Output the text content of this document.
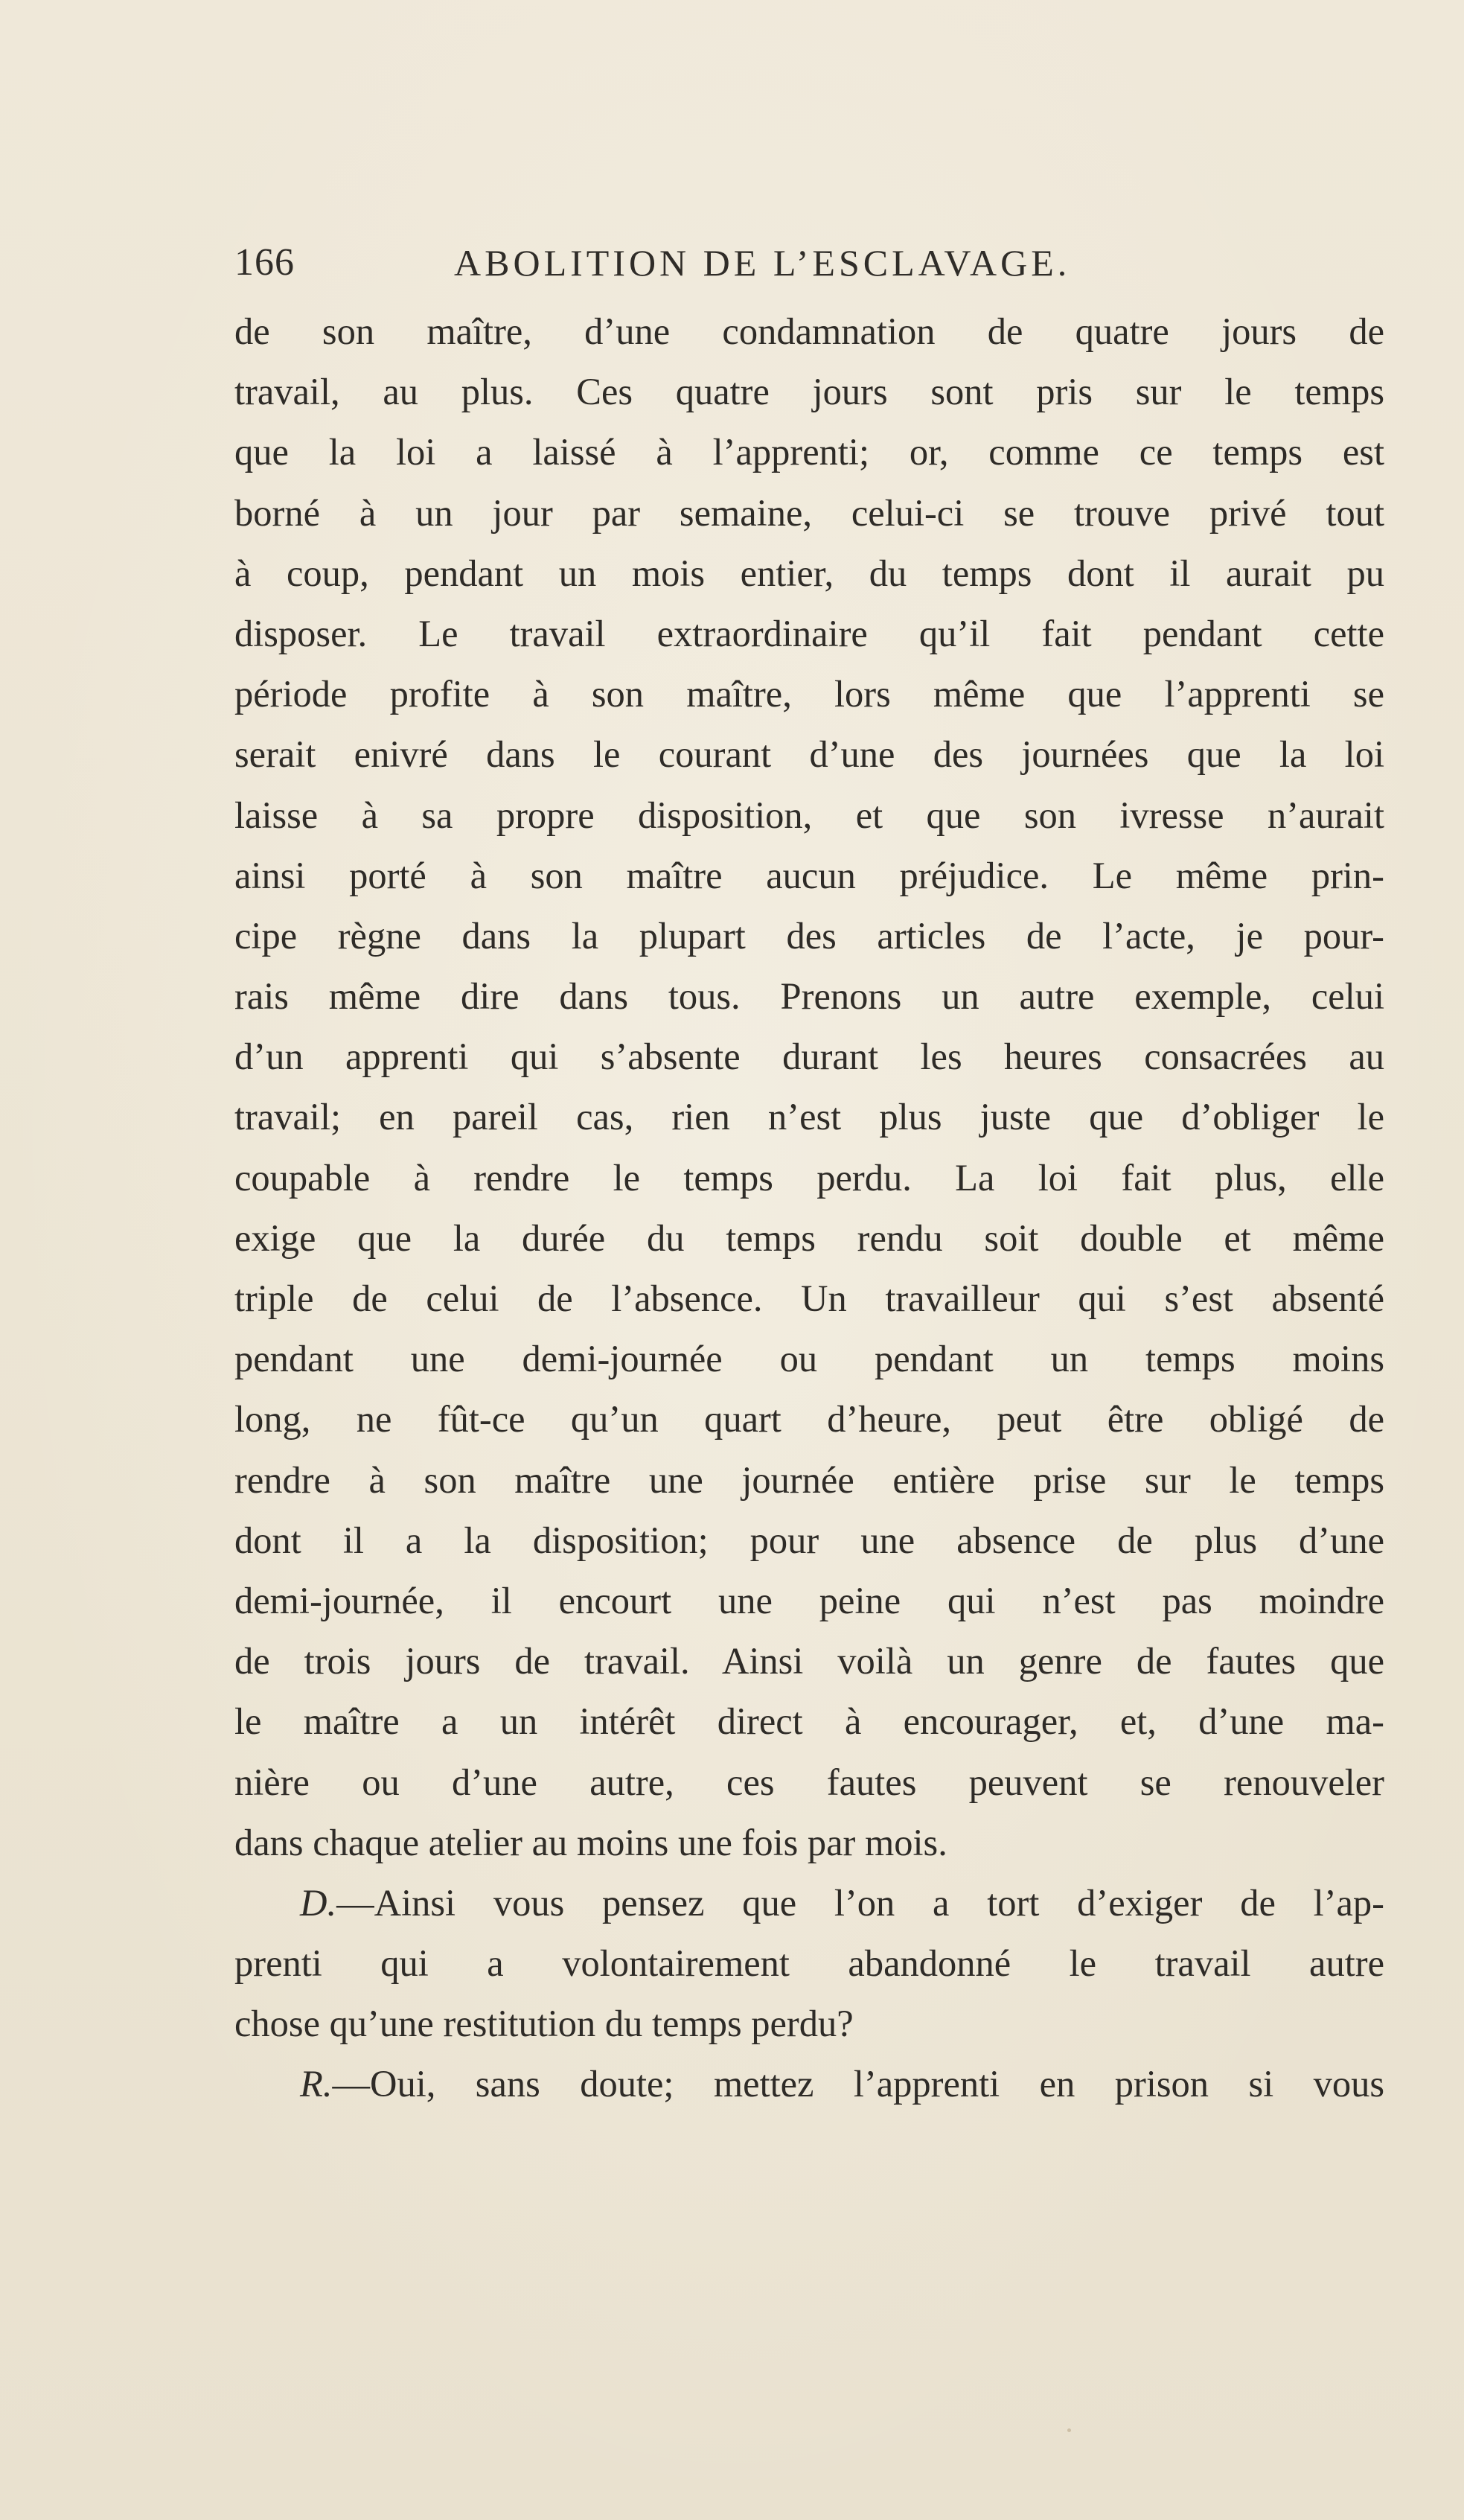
166	ABOLITION DE L’ESCLAVAGE.
de son maître, d’une condamnation de quatre jours de
travail, au plus. Ces quatre jours sont pris sur le temps
que la loi a laissé à l’apprenti; or, comme ce temps est
borné à un jour par semaine, celui-ci se trouve privé tout
à coup, pendant un mois entier, du temps dont il aurait pu
disposer. Le travail extraordinaire qu’il fait pendant cette
période profite à son maître, lors même que l’apprenti se
serait enivré dans le courant d’une des journées que la loi
laisse à sa propre disposition, et que son ivresse n’aurait
ainsi porté à son maître aucun préjudice. Le même prin-
cipe règne dans la plupart des articles de l’acte, je pour-
rais même dire dans tous. Prenons un autre exemple, celui
d’un apprenti qui s’absente durant les heures consacrées au
travail; en pareil cas, rien n’est plus juste que d’obliger le
coupable à rendre le temps perdu. La loi fait plus, elle
exige que la durée du temps rendu soit double et même
triple de celui de l’absence. Un travailleur qui s’est absenté
pendant une demi-journée ou pendant un temps moins
long, ne fût-ce qu’un quart d’heure, peut être obligé de
rendre à son maître une journée entière prise sur le temps
dont il a la disposition; pour une absence de plus d’une
demi-journée, il encourt une peine qui n’est pas moindre
de trois jours de travail. Ainsi voilà un genre de fautes que
le maître a un intérêt direct à encourager, et, d’une ma-
nière ou d’une autre, ces fautes peuvent se renouveler
dans chaque atelier au moins une fois par mois.
D.—Ainsi vous pensez que l’on a tort d’exiger de l’ap-
prenti qui a volontairement abandonné le travail autre
chose qu’une restitution du temps perdu?
R.—Oui, sans doute; mettez l’apprenti en prison si vous
